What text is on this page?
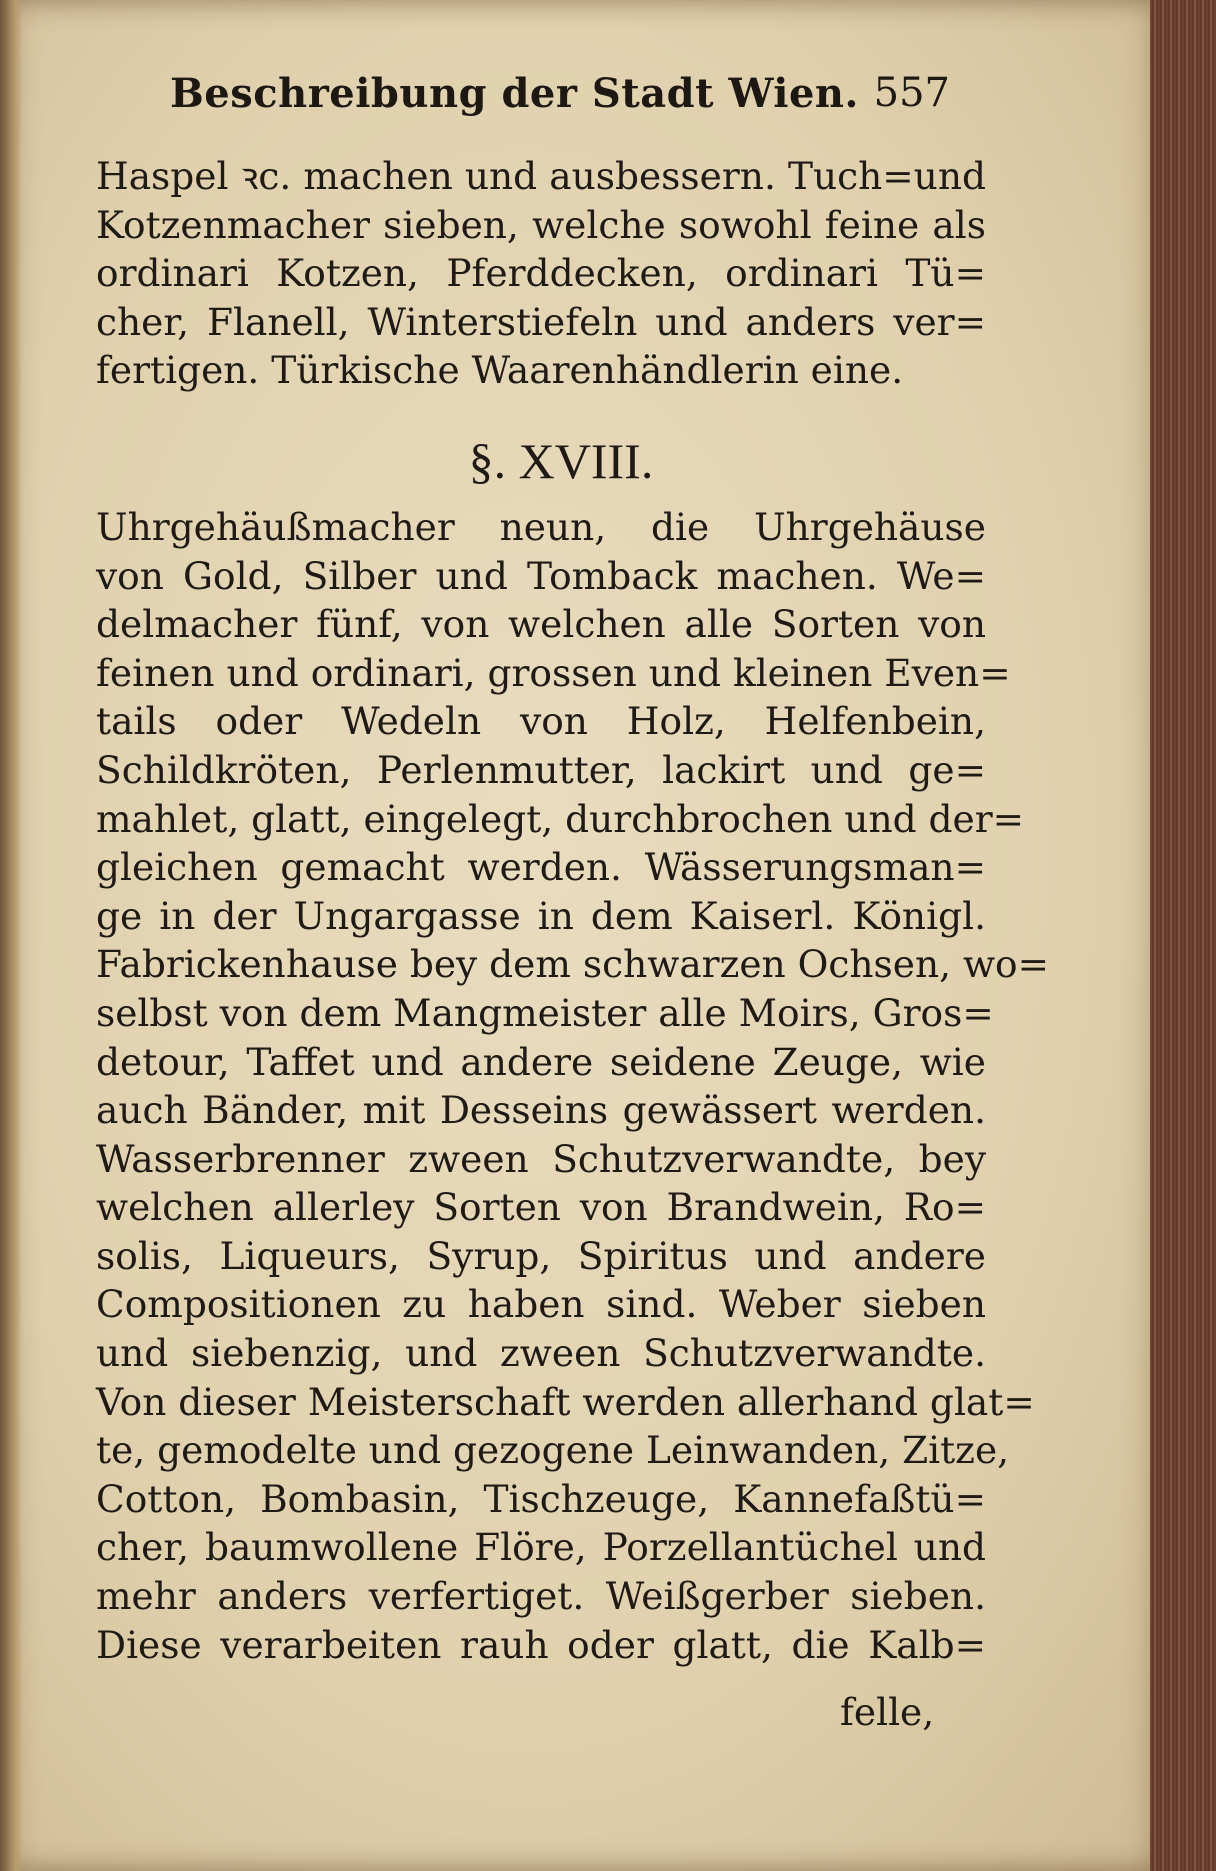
Beschreibung der Stadt Wien. 557
Haspel ꝛc. machen und ausbessern. Tuch=und
Kotzenmacher sieben, welche sowohl feine als
ordinari Kotzen, Pferddecken, ordinari Tü=
cher, Flanell, Winterstiefeln und anders ver=
fertigen. Türkische Waarenhändlerin eine.
§. XVIII.
Uhrgehäußmacher neun, die Uhrgehäuse
von Gold, Silber und Tomback machen. We=
delmacher fünf, von welchen alle Sorten von
feinen und ordinari, grossen und kleinen Even=
tails oder Wedeln von Holz, Helfenbein,
Schildkröten, Perlenmutter, lackirt und ge=
mahlet, glatt, eingelegt, durchbrochen und der=
gleichen gemacht werden. Wässerungsman=
ge in der Ungargasse in dem Kaiserl. Königl.
Fabrickenhause bey dem schwarzen Ochsen, wo=
selbst von dem Mangmeister alle Moirs, Gros=
detour, Taffet und andere seidene Zeuge, wie
auch Bänder, mit Desseins gewässert werden.
Wasserbrenner zween Schutzverwandte, bey
welchen allerley Sorten von Brandwein, Ro=
solis, Liqueurs, Syrup, Spiritus und andere
Compositionen zu haben sind. Weber sieben
und siebenzig, und zween Schutzverwandte.
Von dieser Meisterschaft werden allerhand glat=
te, gemodelte und gezogene Leinwanden, Zitze,
Cotton, Bombasin, Tischzeuge, Kannefaßtü=
cher, baumwollene Flöre, Porzellantüchel und
mehr anders verfertiget. Weißgerber sieben.
Diese verarbeiten rauh oder glatt, die Kalb=
felle,
